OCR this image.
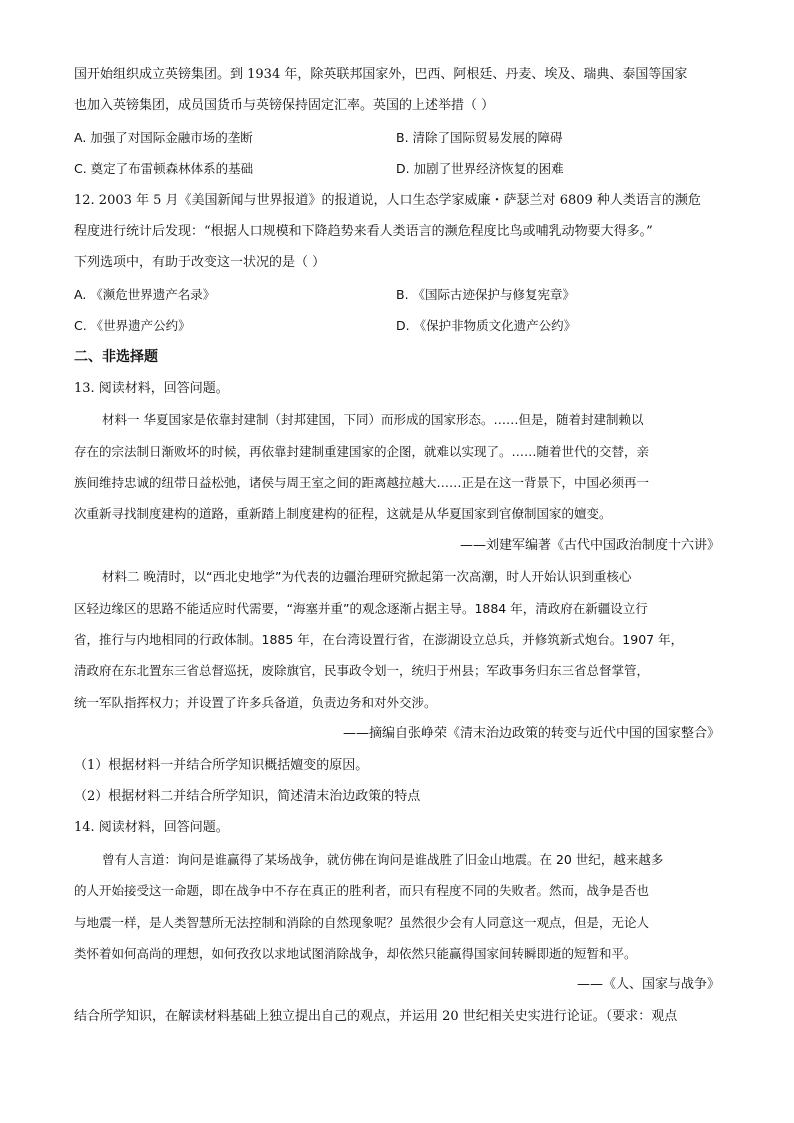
国开始组织成立英镑集团。到 1934 年，除英联邦国家外，巴西、阿根廷、丹麦、埃及、瑞典、泰国等国家
也加入英镑集团，成员国货币与英镑保持固定汇率。英国的上述举措（ ）
A. 加强了对国际金融市场的垄断	B. 清除了国际贸易发展的障碍
C. 奠定了布雷顿森林体系的基础	D. 加剧了世界经济恢复的困难
12. 2003 年 5 月《美国新闻与世界报道》的报道说，人口生态学家威廉・萨瑟兰对 6809 种人类语言的濒危
程度进行统计后发现：“根据人口规模和下降趋势来看人类语言的濒危程度比鸟或哺乳动物要大得多。”
下列选项中，有助于改变这一状况的是（ ）
A. 《濒危世界遗产名录》	B. 《国际古迹保护与修复宪章》
C. 《世界遗产公约》	D. 《保护非物质文化遗产公约》
二、非选择题
13. 阅读材料，回答问题。
材料一 华夏国家是依靠封建制（封邦建国，下同）而形成的国家形态。……但是，随着封建制赖以
存在的宗法制日渐败坏的时候，再依靠封建制重建国家的企图，就难以实现了。……随着世代的交替，亲
族间维持忠诚的纽带日益松弛，诸侯与周王室之间的距离越拉越大……正是在这一背景下，中国必须再一
次重新寻找制度建构的道路，重新踏上制度建构的征程，这就是从华夏国家到官僚制国家的嬗变。
——刘建军编著《古代中国政治制度十六讲》
材料二 晚清时，以“西北史地学”为代表的边疆治理研究掀起第一次高潮，时人开始认识到重核心
区轻边缘区的思路不能适应时代需要，“海塞并重”的观念逐渐占据主导。1884 年，清政府在新疆设立行
省，推行与内地相同的行政体制。1885 年，在台湾设置行省，在澎湖设立总兵，并修筑新式炮台。1907 年，
清政府在东北置东三省总督巡抚，废除旗官，民事政令划一，统归于州县；军政事务归东三省总督掌管，
统一军队指挥权力；并设置了许多兵备道，负责边务和对外交涉。
——摘编自张峥荣《清末治边政策的转变与近代中国的国家整合》
（1）根据材料一并结合所学知识概括嬗变的原因。
（2）根据材料二并结合所学知识，简述清末治边政策的特点
14. 阅读材料，回答问题。
曾有人言道：询问是谁赢得了某场战争，就仿佛在询问是谁战胜了旧金山地震。在 20 世纪，越来越多
的人开始接受这一命题，即在战争中不存在真正的胜利者，而只有程度不同的失败者。然而，战争是否也
与地震一样，是人类智慧所无法控制和消除的自然现象呢？虽然很少会有人同意这一观点，但是，无论人
类怀着如何高尚的理想，如何孜孜以求地试图消除战争，却依然只能赢得国家间转瞬即逝的短暂和平。
——《人、国家与战争》
结合所学知识，在解读材料基础上独立提出自己的观点，并运用 20 世纪相关史实进行论证。（要求：观点
